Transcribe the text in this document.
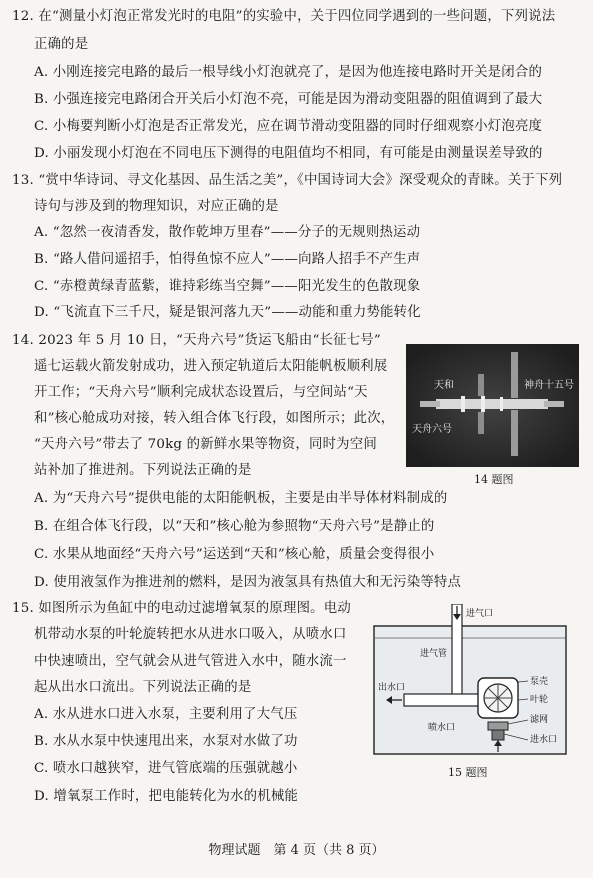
12. 在“测量小灯泡正常发光时的电阻”的实验中，关于四位同学遇到的一些问题，下列说法
正确的是
A. 小刚连接完电路的最后一根导线小灯泡就亮了，是因为他连接电路时开关是闭合的
B. 小强连接完电路闭合开关后小灯泡不亮，可能是因为滑动变阻器的阻值调到了最大
C. 小梅要判断小灯泡是否正常发光，应在调节滑动变阻器的同时仔细观察小灯泡亮度
D. 小丽发现小灯泡在不同电压下测得的电阻值均不相同，有可能是由测量误差导致的
13. “赏中华诗词、寻文化基因、品生活之美”，《中国诗词大会》深受观众的青睐。关于下列
诗句与涉及到的物理知识，对应正确的是
A. “忽然一夜清香发，散作乾坤万里春”——分子的无规则热运动
B. “路人借问遥招手，怕得鱼惊不应人”——向路人招手不产生声
C. “赤橙黄绿青蓝紫，谁持彩练当空舞”——阳光发生的色散现象
D. “飞流直下三千尺，疑是银河落九天”——动能和重力势能转化
14. 2023 年 5 月 10 日，“天舟六号”货运飞船由“长征七号”
遥七运载火箭发射成功，进入预定轨道后太阳能帆板顺利展
开工作；“天舟六号”顺利完成状态设置后，与空间站“天
和”核心舱成功对接，转入组合体飞行段，如图所示；此次，
“天舟六号”带去了 70kg 的新鲜水果等物资，同时为空间
站补加了推进剂。下列说法正确的是
天和	神舟十五号
天舟六号
14 题图
A. 为“天舟六号”提供电能的太阳能帆板，主要是由半导体材料制成的
B. 在组合体飞行段，以“天和”核心舱为参照物“天舟六号”是静止的
C. 水果从地面经“天舟六号”运送到“天和”核心舱，质量会变得很小
D. 使用液氢作为推进剂的燃料，是因为液氢具有热值大和无污染等特点
15. 如图所示为鱼缸中的电动过滤增氧泵的原理图。电动
机带动水泵的叶轮旋转把水从进水口吸入，从喷水口
中快速喷出，空气就会从进气管进入水中，随水流一
起从出水口流出。下列说法正确的是
A. 水从进水口进入水泵，主要利用了大气压
B. 水从水泵中快速甩出来，水泵对水做了功
C. 喷水口越狭窄，进气管底端的压强就越小
D. 增氧泵工作时，把电能转化为水的机械能
进气口
进气管
出水口
喷水口
泵壳
叶轮
滤网
进水口
15 题图
物理试题　第 4 页（共 8 页）
